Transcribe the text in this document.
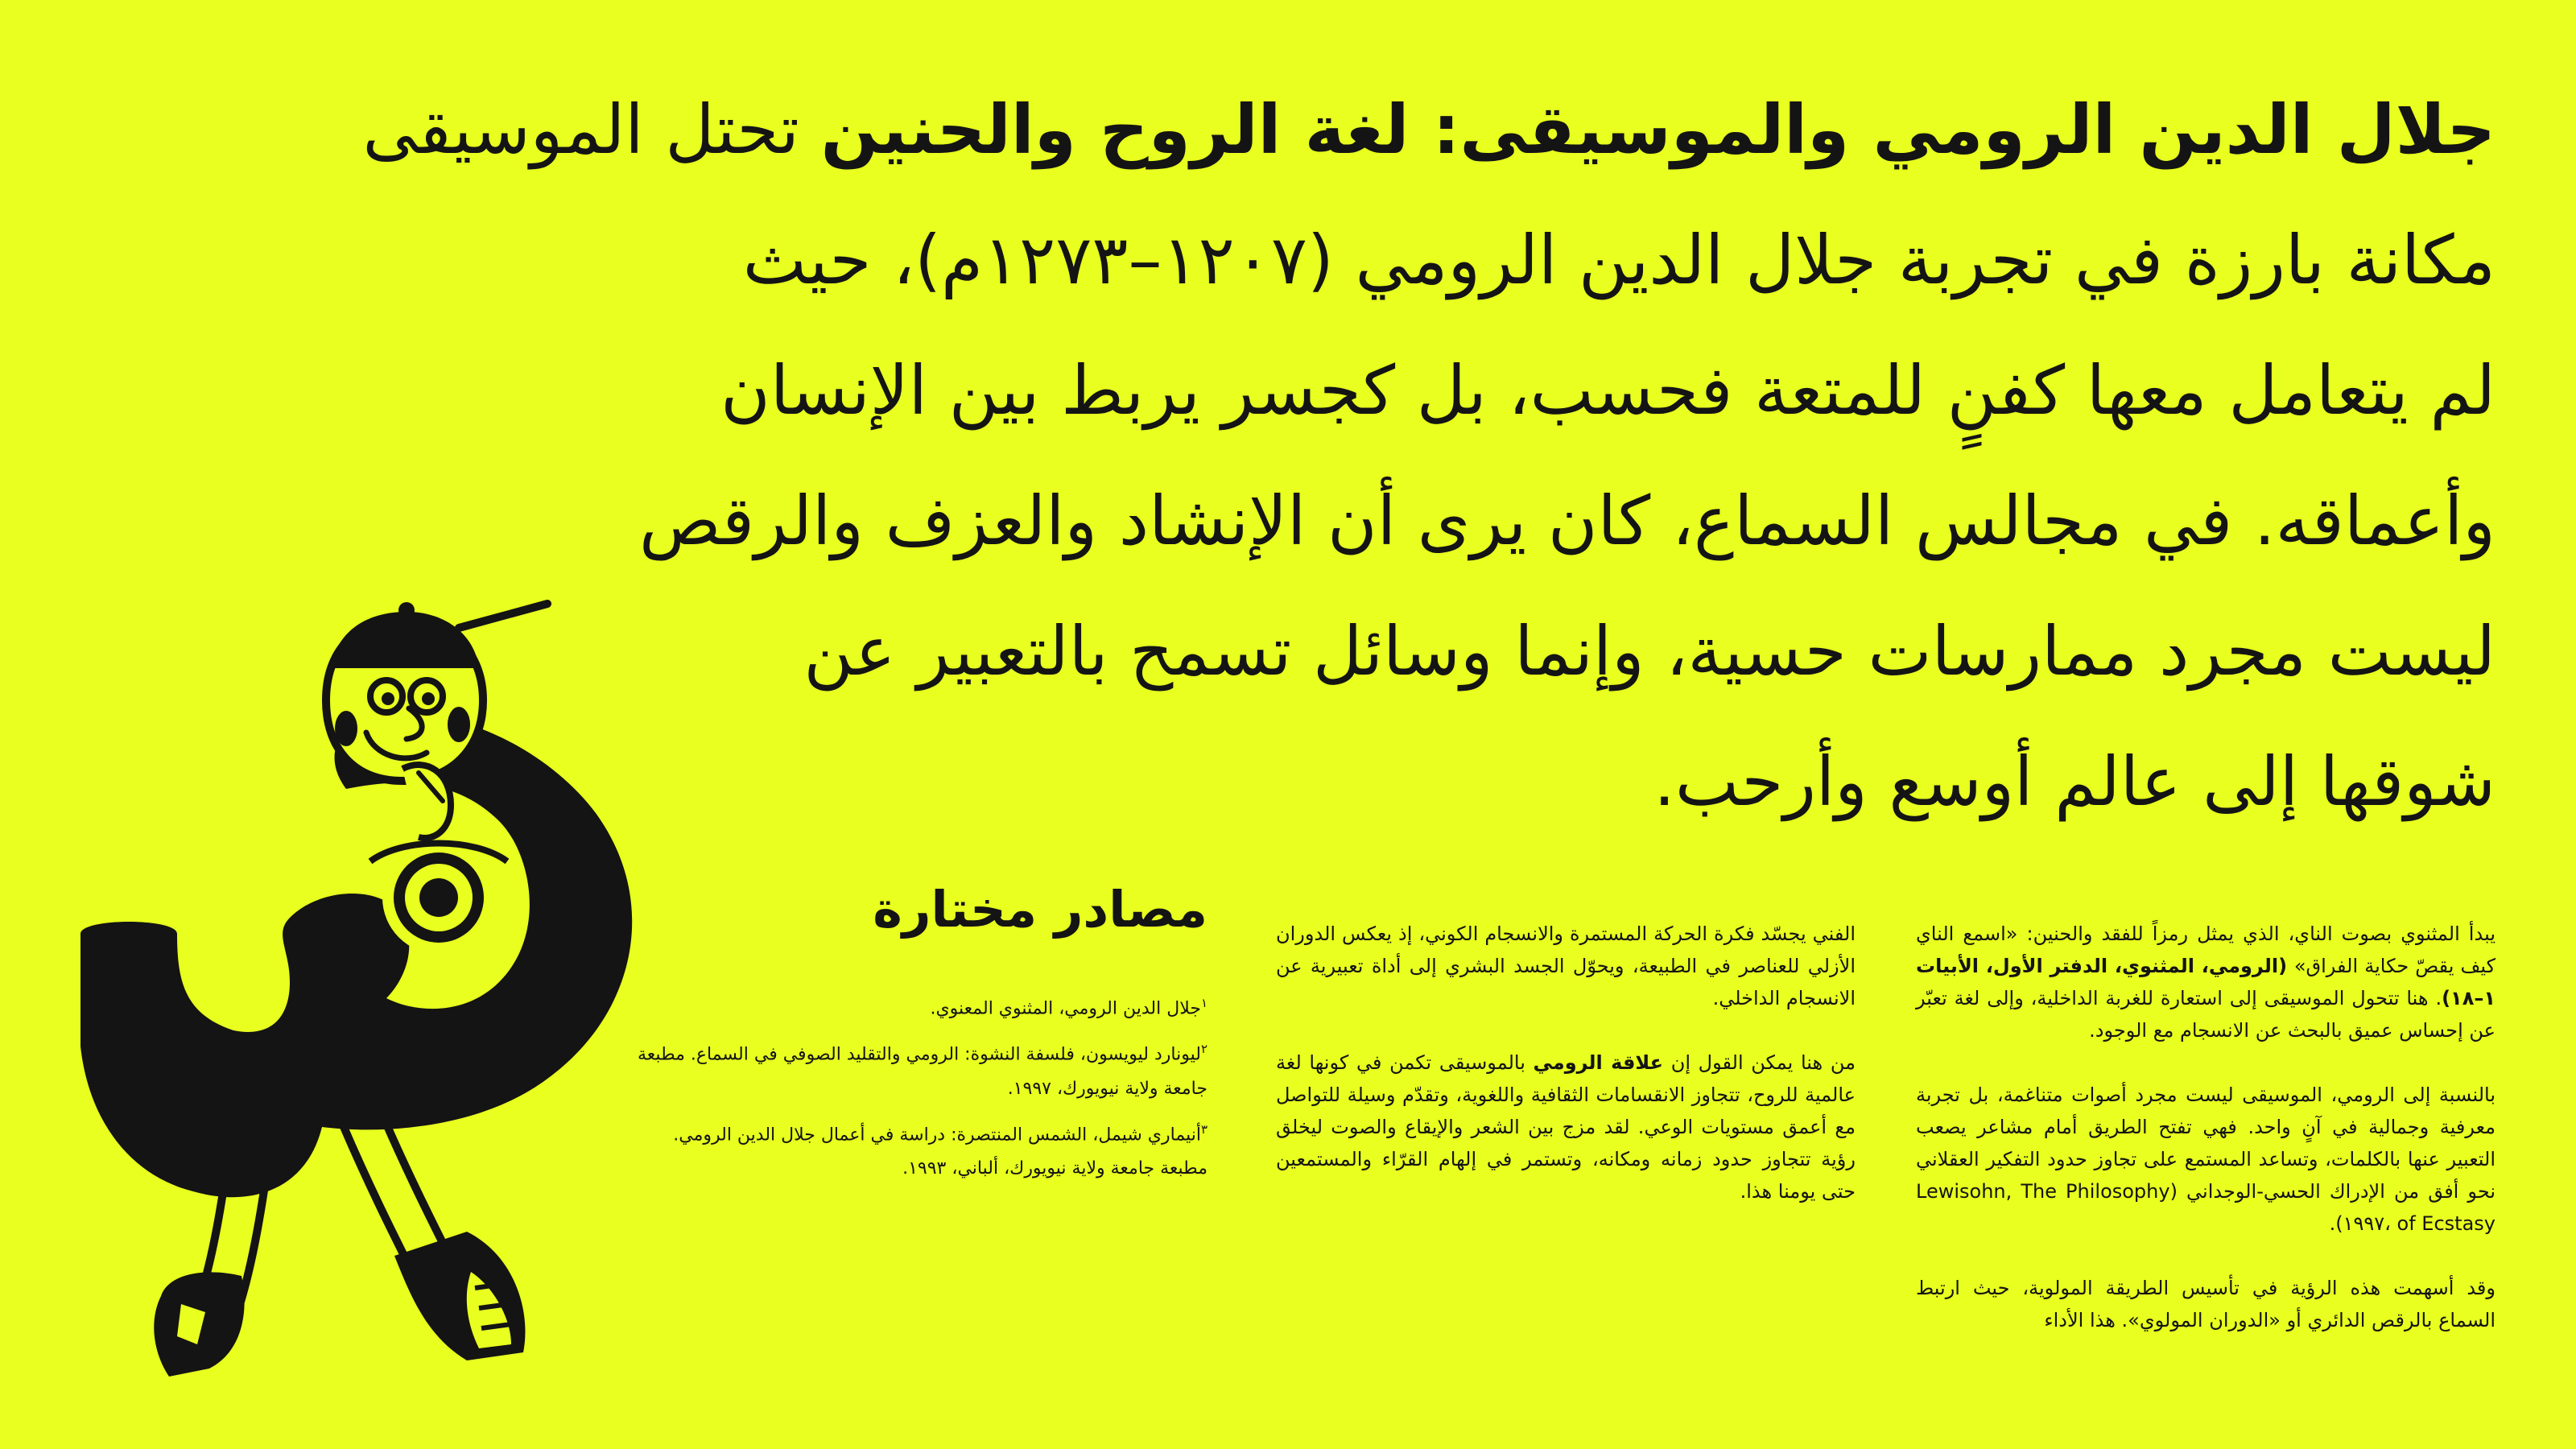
جلال الدين الرومي والموسيقى: لغة الروح والحنين تحتل الموسيقى
مكانة بارزة في تجربة جلال الدين الرومي (١٢٠٧–١٢٧٣م)، حيث
لم يتعامل معها كفنٍ للمتعة فحسب، بل كجسر يربط بين الإنسان
وأعماقه. في مجالس السماع، كان يرى أن الإنشاد والعزف والرقص
ليست مجرد ممارسات حسية، وإنما وسائل تسمح بالتعبير عن
شوقها إلى عالم أوسع وأرحب.

يبدأ المثنوي بصوت الناي، الذي يمثل رمزاً للفقد والحنين: «اسمع الناي كيف يقصّ حكاية الفراق» (الرومي، المثنوي، الدفتر الأول، الأبيات ١–١٨). هنا تتحول الموسيقى إلى استعارة للغربة الداخلية، وإلى لغة تعبّر عن إحساس عميق بالبحث عن الانسجام مع الوجود.

بالنسبة إلى الرومي، الموسيقى ليست مجرد أصوات متناغمة، بل تجربة معرفية وجمالية في آنٍ واحد. فهي تفتح الطريق أمام مشاعر يصعب التعبير عنها بالكلمات، وتساعد المستمع على تجاوز حدود التفكير العقلاني نحو أفق من الإدراك الحسي-الوجداني (Lewisohn, The Philosophy of Ecstasy ،١٩٩٧).

وقد أسهمت هذه الرؤية في تأسيس الطريقة المولوية، حيث ارتبط السماع بالرقص الدائري أو «الدوران المولوي». هذا الأداء

الفني يجسّد فكرة الحركة المستمرة والانسجام الكوني، إذ يعكس الدوران الأزلي للعناصر في الطبيعة، ويحوّل الجسد البشري إلى أداة تعبيرية عن الانسجام الداخلي.

من هنا يمكن القول إن علاقة الرومي بالموسيقى تكمن في كونها لغة عالمية للروح، تتجاوز الانقسامات الثقافية واللغوية، وتقدّم وسيلة للتواصل مع أعمق مستويات الوعي. لقد مزج بين الشعر والإيقاع والصوت ليخلق رؤية تتجاوز حدود زمانه ومكانه، وتستمر في إلهام القرّاء والمستمعين حتى يومنا هذا.

مصادر مختارة
$^١$جلال الدين الرومي، المثنوي المعنوي.
$^٢$ليونارد ليويسون، فلسفة النشوة: الرومي والتقليد الصوفي في السماع. مطبعة جامعة ولاية نيويورك، ١٩٩٧.
$^٣$أنيماري شيمل، الشمس المنتصرة: دراسة في أعمال جلال الدين الرومي. مطبعة جامعة ولاية نيويورك، ألباني، ١٩٩٣.
